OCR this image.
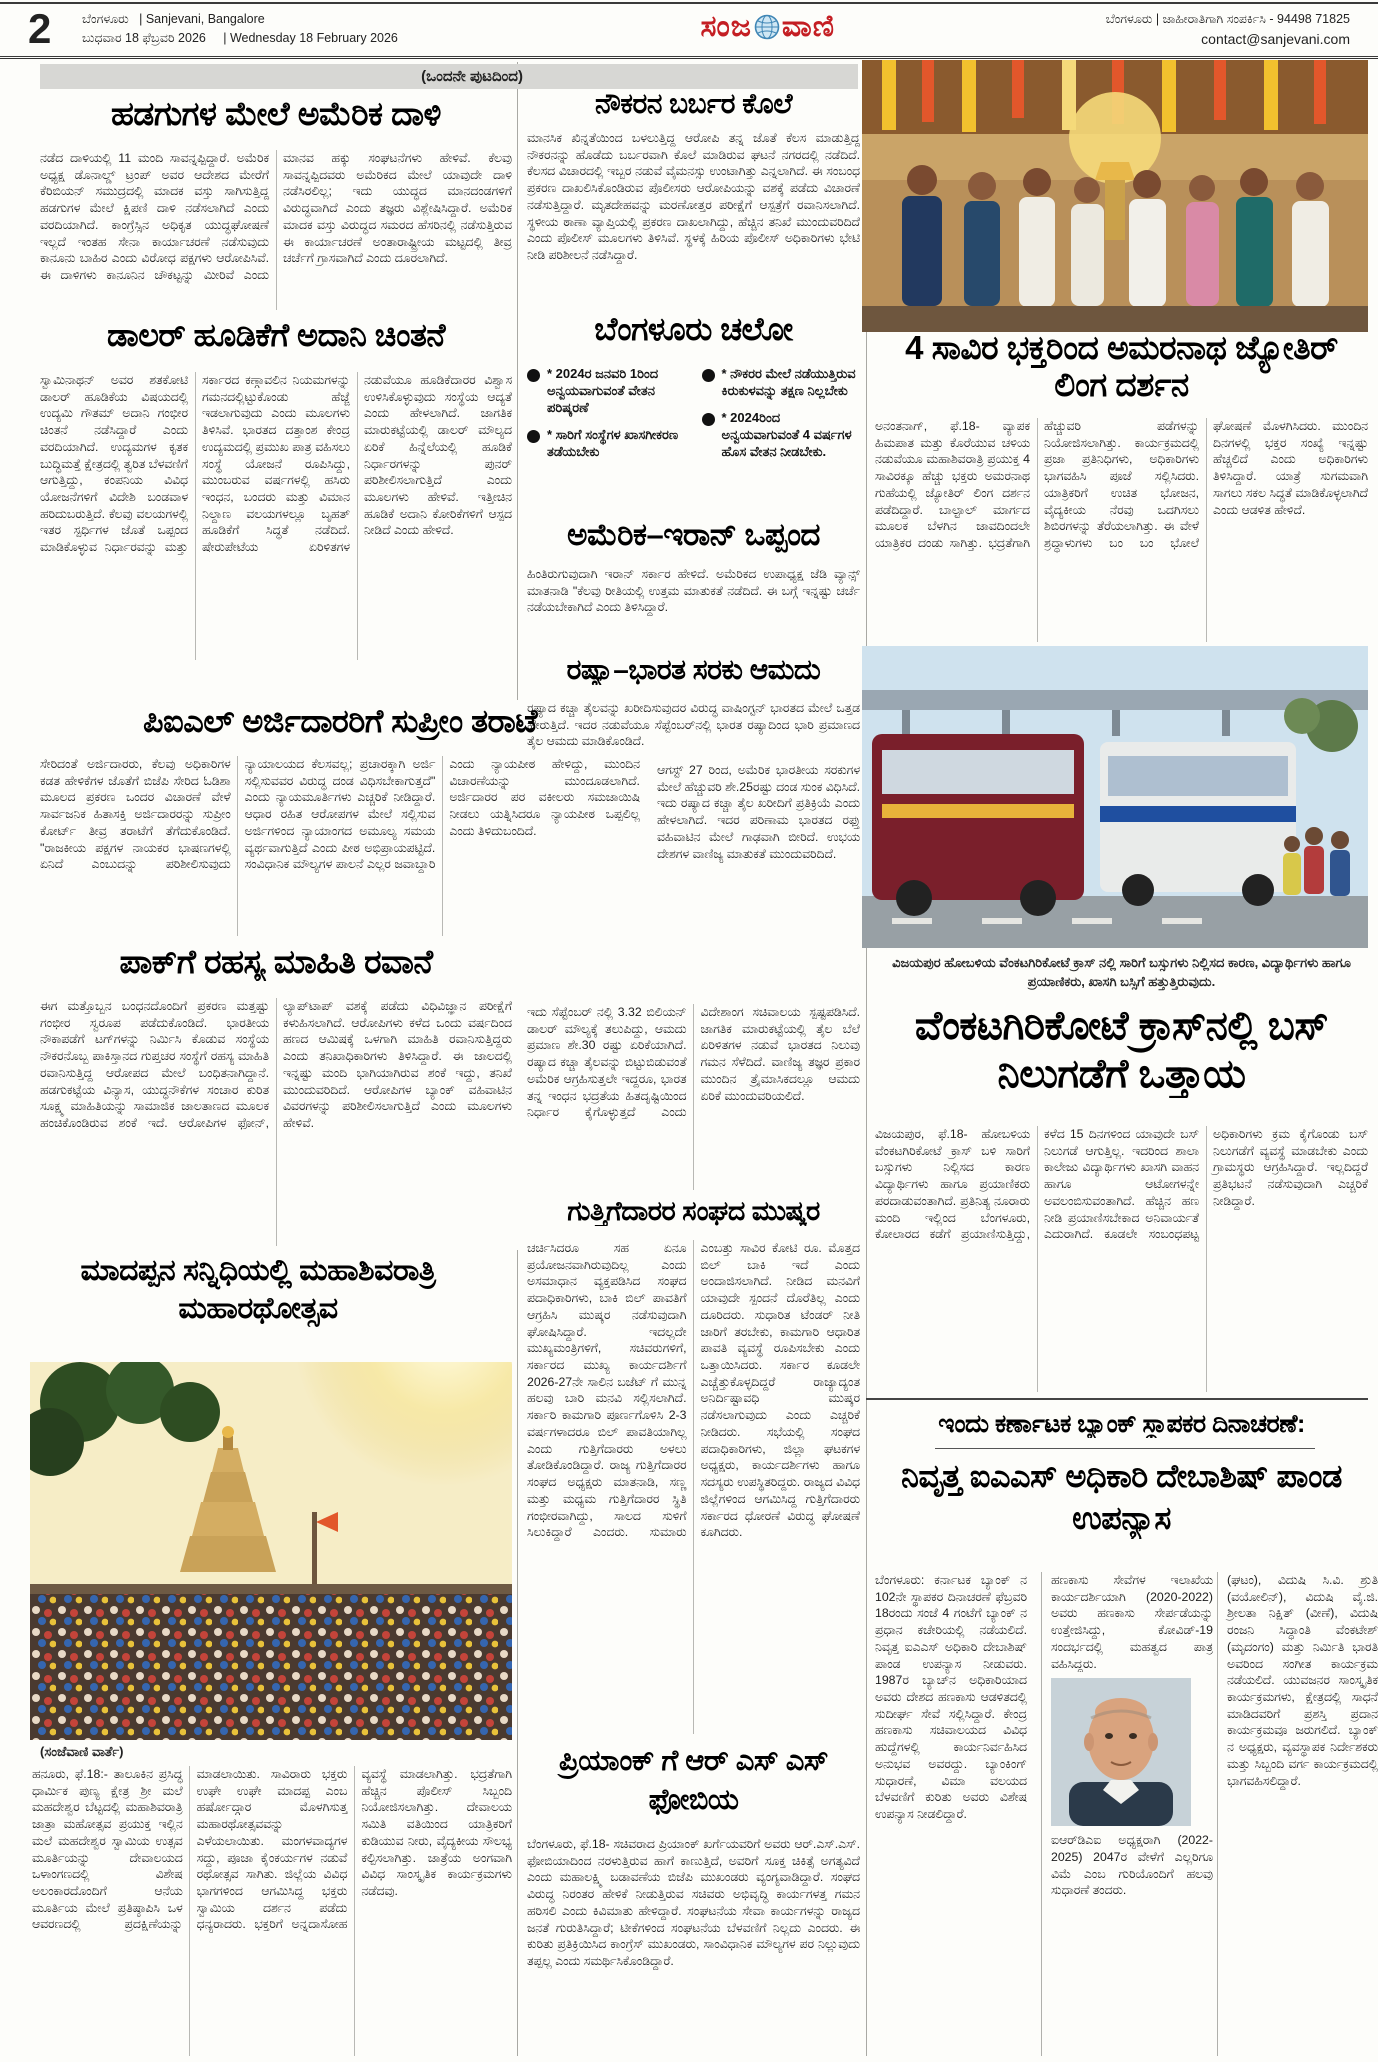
2 ಬೆಂಗಳೂರು | Sanjevani, Bangalore
ಬುಧವಾರ 18 ಫೆಬ್ರವರಿ 2026 | Wednesday 18 February 2026	ಸಂಜ ವಾಣಿ	ಬೆಂಗಳೂರು | ಜಾಹೀರಾತಿಗಾಗಿ ಸಂಪರ್ಕಿಸಿ - 94498 71825
contact@sanjevani.com
(ಒಂದನೇ ಪುಟದಿಂದ)
ಹಡಗುಗಳ ಮೇಲೆ ಅಮೆರಿಕ ದಾಳಿ
ನಡೆದ ದಾಳಿಯಲ್ಲಿ 11 ಮಂದಿ ಸಾವನ್ನಪ್ಪಿದ್ದಾರೆ. ಅಮೆರಿಕ ಅಧ್ಯಕ್ಷ ಡೊನಾಲ್ಡ್ ಟ್ರಂಪ್ ಅವರ ಆದೇಶದ ಮೇರೆಗೆ ಕೆರಿಬಿಯನ್ ಸಮುದ್ರದಲ್ಲಿ ಮಾದಕ ವಸ್ತು ಸಾಗಿಸುತ್ತಿದ್ದ ಹಡಗುಗಳ ಮೇಲೆ ಕ್ಷಿಪಣಿ ದಾಳಿ ನಡೆಸಲಾಗಿದೆ ಎಂದು ವರದಿಯಾಗಿದೆ. ಕಾಂಗ್ರೆಸ್ಸಿನ ಅಧಿಕೃತ ಯುದ್ಧಘೋಷಣೆ ಇಲ್ಲದೆ ಇಂತಹ ಸೇನಾ ಕಾರ್ಯಾಚರಣೆ ನಡೆಸುವುದು ಕಾನೂನು ಬಾಹಿರ ಎಂದು ವಿರೋಧ ಪಕ್ಷಗಳು ಆರೋಪಿಸಿವೆ. ಈ ದಾಳಿಗಳು ಕಾನೂನಿನ ಚೌಕಟ್ಟನ್ನು ಮೀರಿವೆ ಎಂದು ಮಾನವ ಹಕ್ಕು ಸಂಘಟನೆಗಳು ಹೇಳಿವೆ. ಕೆಲವು ಸಾವನ್ನಪ್ಪಿದವರು ಅಮೆರಿಕದ ಮೇಲೆ ಯಾವುದೇ ದಾಳಿ ನಡೆಸಿರಲಿಲ್ಲ; ಇದು ಯುದ್ಧದ ಮಾನದಂಡಗಳಿಗೆ ವಿರುದ್ಧವಾಗಿದೆ ಎಂದು ತಜ್ಞರು ವಿಶ್ಲೇಷಿಸಿದ್ದಾರೆ. ಅಮೆರಿಕ ಮಾದಕ ವಸ್ತು ವಿರುದ್ಧದ ಸಮರದ ಹೆಸರಿನಲ್ಲಿ ನಡೆಸುತ್ತಿರುವ ಈ ಕಾರ್ಯಾಚರಣೆ ಅಂತಾರಾಷ್ಟ್ರೀಯ ಮಟ್ಟದಲ್ಲಿ ತೀವ್ರ ಚರ್ಚೆಗೆ ಗ್ರಾಸವಾಗಿದೆ ಎಂದು ದೂರಲಾಗಿದೆ.
ನೌಕರನ ಬರ್ಬರ ಕೊಲೆ
ಮಾನಸಿಕ ಖಿನ್ನತೆಯಿಂದ ಬಳಲುತ್ತಿದ್ದ ಆರೋಪಿ ತನ್ನ ಜೊತೆ ಕೆಲಸ ಮಾಡುತ್ತಿದ್ದ ನೌಕರನನ್ನು ಹೊಡೆದು ಬರ್ಬರವಾಗಿ ಕೊಲೆ ಮಾಡಿರುವ ಘಟನೆ ನಗರದಲ್ಲಿ ನಡೆದಿದೆ. ಕೆಲಸದ ವಿಚಾರದಲ್ಲಿ ಇಬ್ಬರ ನಡುವೆ ವೈಮನಸ್ಸು ಉಂಟಾಗಿತ್ತು ಎನ್ನಲಾಗಿದೆ. ಈ ಸಂಬಂಧ ಪ್ರಕರಣ ದಾಖಲಿಸಿಕೊಂಡಿರುವ ಪೊಲೀಸರು ಆರೋಪಿಯನ್ನು ವಶಕ್ಕೆ ಪಡೆದು ವಿಚಾರಣೆ ನಡೆಸುತ್ತಿದ್ದಾರೆ. ಮೃತದೇಹವನ್ನು ಮರಣೋತ್ತರ ಪರೀಕ್ಷೆಗೆ ಆಸ್ಪತ್ರೆಗೆ ರವಾನಿಸಲಾಗಿದೆ. ಸ್ಥಳೀಯ ಠಾಣಾ ವ್ಯಾಪ್ತಿಯಲ್ಲಿ ಪ್ರಕರಣ ದಾಖಲಾಗಿದ್ದು, ಹೆಚ್ಚಿನ ತನಿಖೆ ಮುಂದುವರಿದಿದೆ ಎಂದು ಪೊಲೀಸ್ ಮೂಲಗಳು ತಿಳಿಸಿವೆ. ಸ್ಥಳಕ್ಕೆ ಹಿರಿಯ ಪೊಲೀಸ್ ಅಧಿಕಾರಿಗಳು ಭೇಟಿ ನೀಡಿ ಪರಿಶೀಲನೆ ನಡೆಸಿದ್ದಾರೆ.
ಡಾಲರ್ ಹೂಡಿಕೆಗೆ ಅದಾನಿ ಚಿಂತನೆ
ಸ್ವಾಮಿನಾಥನ್ ಅವರ ಶತಕೋಟಿ ಡಾಲರ್ ಹೂಡಿಕೆಯ ವಿಷಯದಲ್ಲಿ ಉದ್ಯಮಿ ಗೌತಮ್ ಅದಾನಿ ಗಂಭೀರ ಚಿಂತನೆ ನಡೆಸಿದ್ದಾರೆ ಎಂದು ವರದಿಯಾಗಿದೆ. ಉದ್ಯಮಗಳ ಕೃತಕ ಬುದ್ಧಿಮತ್ತೆ ಕ್ಷೇತ್ರದಲ್ಲಿ ತ್ವರಿತ ಬೆಳವಣಿಗೆ ಆಗುತ್ತಿದ್ದು, ಕಂಪನಿಯ ವಿವಿಧ ಯೋಜನೆಗಳಿಗೆ ವಿದೇಶಿ ಬಂಡವಾಳ ಹರಿದುಬರುತ್ತಿದೆ. ಕೆಲವು ವಲಯಗಳಲ್ಲಿ ಇತರ ಸ್ಪರ್ಧಿಗಳ ಜೊತೆ ಒಪ್ಪಂದ ಮಾಡಿಕೊಳ್ಳುವ ನಿರ್ಧಾರವನ್ನು ಮತ್ತು ಸರ್ಕಾರದ ಕಣ್ಗಾವಲಿನ ನಿಯಮಗಳನ್ನು ಗಮನದಲ್ಲಿಟ್ಟುಕೊಂಡು ಹೆಜ್ಜೆ ಇಡಲಾಗುವುದು ಎಂದು ಮೂಲಗಳು ತಿಳಿಸಿವೆ. ಭಾರತದ ದತ್ತಾಂಶ ಕೇಂದ್ರ ಉದ್ಯಮದಲ್ಲಿ ಪ್ರಮುಖ ಪಾತ್ರ ವಹಿಸಲು ಸಂಸ್ಥೆ ಯೋಜನೆ ರೂಪಿಸಿದ್ದು, ಮುಂಬರುವ ವರ್ಷಗಳಲ್ಲಿ ಹಸಿರು ಇಂಧನ, ಬಂದರು ಮತ್ತು ವಿಮಾನ ನಿಲ್ದಾಣ ವಲಯಗಳಲ್ಲೂ ಬೃಹತ್ ಹೂಡಿಕೆಗೆ ಸಿದ್ಧತೆ ನಡೆದಿದೆ. ಷೇರುಪೇಟೆಯ ಏರಿಳಿತಗಳ ನಡುವೆಯೂ ಹೂಡಿಕೆದಾರರ ವಿಶ್ವಾಸ ಉಳಿಸಿಕೊಳ್ಳುವುದು ಸಂಸ್ಥೆಯ ಆದ್ಯತೆ ಎಂದು ಹೇಳಲಾಗಿದೆ. ಜಾಗತಿಕ ಮಾರುಕಟ್ಟೆಯಲ್ಲಿ ಡಾಲರ್ ಮೌಲ್ಯದ ಏರಿಕೆ ಹಿನ್ನೆಲೆಯಲ್ಲಿ ಹೂಡಿಕೆ ನಿರ್ಧಾರಗಳನ್ನು ಪುನರ್ ಪರಿಶೀಲಿಸಲಾಗುತ್ತಿದೆ ಎಂದು ಮೂಲಗಳು ಹೇಳಿವೆ. ಇತ್ತೀಚಿನ ಹೂಡಿಕೆ ಅದಾನಿ ಕೋರಿಕೆಗಳಿಗೆ ಆಸ್ಪದ ನೀಡಿದೆ ಎಂದು ಹೇಳಿದೆ.
ಬೆಂಗಳೂರು ಚಲೋ
* 2024ರ ಜನವರಿ 1ರಿಂದ ಅನ್ವಯವಾಗುವಂತೆ ವೇತನ ಪರಿಷ್ಕರಣೆ
* ಸಾರಿಗೆ ಸಂಸ್ಥೆಗಳ ಖಾಸಗೀಕರಣ ತಡೆಯಬೇಕು
* ನೌಕರರ ಮೇಲೆ ನಡೆಯುತ್ತಿರುವ ಕಿರುಕುಳವನ್ನು ತಕ್ಷಣ ನಿಲ್ಲಬೇಕು
* 2024ರಿಂದ ಅನ್ವಯವಾಗುವಂತೆ 4 ವರ್ಷಗಳ ಹೊಸ ವೇತನ ನೀಡಬೇಕು.
ಅಮೆರಿಕ–ಇರಾನ್ ಒಪ್ಪಂದ
ಹಿಂತಿರುಗುವುದಾಗಿ ಇರಾನ್ ಸರ್ಕಾರ ಹೇಳಿದೆ. ಅಮೆರಿಕದ ಉಪಾಧ್ಯಕ್ಷ ಜೆಡಿ ವ್ಯಾನ್ಸ್ ಮಾತನಾಡಿ "ಕೆಲವು ರೀತಿಯಲ್ಲಿ ಉತ್ತಮ ಮಾತುಕತೆ ನಡೆದಿದೆ. ಈ ಬಗ್ಗೆ ಇನ್ನಷ್ಟು ಚರ್ಚೆ ನಡೆಯಬೇಕಾಗಿದೆ ಎಂದು ತಿಳಿಸಿದ್ದಾರೆ.
ರಷ್ಯಾ–ಭಾರತ ಸರಕು ಆಮದು
ರಷ್ಯಾದ ಕಚ್ಚಾ ತೈಲವನ್ನು ಖರೀದಿಸುವುದರ ವಿರುದ್ಧ ವಾಷಿಂಗ್ಟನ್ ಭಾರತದ ಮೇಲೆ ಒತ್ತಡ ಹೇರುತ್ತಿದೆ. ಇದರ ನಡುವೆಯೂ ಸೆಪ್ಟೆಂಬರ್‌ನಲ್ಲಿ ಭಾರತ ರಷ್ಯಾದಿಂದ ಭಾರಿ ಪ್ರಮಾಣದ ತೈಲ ಆಮದು ಮಾಡಿಕೊಂಡಿದೆ.
ಆಗಸ್ಟ್ 27 ರಿಂದ, ಅಮೆರಿಕ ಭಾರತೀಯ ಸರಕುಗಳ ಮೇಲೆ ಹೆಚ್ಚುವರಿ ಶೇ.25ರಷ್ಟು ದಂಡ ಸುಂಕ ವಿಧಿಸಿದೆ. ಇದು ರಷ್ಯಾದ ಕಚ್ಚಾ ತೈಲ ಖರೀದಿಗೆ ಪ್ರತಿಕ್ರಿಯೆ ಎಂದು ಹೇಳಲಾಗಿದೆ. ಇದರ ಪರಿಣಾಮ ಭಾರತದ ರಫ್ತು ವಹಿವಾಟಿನ ಮೇಲೆ ಗಾಢವಾಗಿ ಬೀರಿದೆ. ಉಭಯ ದೇಶಗಳ ವಾಣಿಜ್ಯ ಮಾತುಕತೆ ಮುಂದುವರಿದಿದೆ.
ಇದು ಸೆಪ್ಟೆಂಬರ್ ನಲ್ಲಿ 3.32 ಬಿಲಿಯನ್ ಡಾಲರ್ ಮೌಲ್ಯಕ್ಕೆ ತಲುಪಿದ್ದು, ಆಮದು ಪ್ರಮಾಣ ಶೇ.30 ರಷ್ಟು ಏರಿಕೆಯಾಗಿದೆ. ರಷ್ಯಾದ ಕಚ್ಚಾ ತೈಲವನ್ನು ಬಿಟ್ಟುಬಿಡುವಂತೆ ಅಮೆರಿಕ ಆಗ್ರಹಿಸುತ್ತಲೇ ಇದ್ದರೂ, ಭಾರತ ತನ್ನ ಇಂಧನ ಭದ್ರತೆಯ ಹಿತದೃಷ್ಟಿಯಿಂದ ನಿರ್ಧಾರ ಕೈಗೊಳ್ಳುತ್ತದೆ ಎಂದು ವಿದೇಶಾಂಗ ಸಚಿವಾಲಯ ಸ್ಪಷ್ಟಪಡಿಸಿದೆ. ಜಾಗತಿಕ ಮಾರುಕಟ್ಟೆಯಲ್ಲಿ ತೈಲ ಬೆಲೆ ಏರಿಳಿತಗಳ ನಡುವೆ ಭಾರತದ ನಿಲುವು ಗಮನ ಸೆಳೆದಿದೆ. ವಾಣಿಜ್ಯ ತಜ್ಞರ ಪ್ರಕಾರ ಮುಂದಿನ ತ್ರೈಮಾಸಿಕದಲ್ಲೂ ಆಮದು ಏರಿಕೆ ಮುಂದುವರಿಯಲಿದೆ.
ಪಿಐಎಲ್ ಅರ್ಜಿದಾರರಿಗೆ ಸುಪ್ರೀಂ ತರಾಟೆ
ಸೇರಿದಂತೆ ಅರ್ಜಿದಾರರು, ಕೆಲವು ಅಧಿಕಾರಿಗಳ ಕಡತ ಹೇಳಿಕೆಗಳ ಜೊತೆಗೆ ಬಿಜೆಪಿ ಸೇರಿದ ಓಡಿಶಾ ಮೂಲದ ಪ್ರಕರಣ ಒಂದರ ವಿಚಾರಣೆ ವೇಳೆ ಸಾರ್ವಜನಿಕ ಹಿತಾಸಕ್ತಿ ಅರ್ಜಿದಾರರನ್ನು ಸುಪ್ರೀಂ ಕೋರ್ಟ್ ತೀವ್ರ ತರಾಟೆಗೆ ತೆಗೆದುಕೊಂಡಿದೆ. "ರಾಜಕೀಯ ಪಕ್ಷಗಳ ನಾಯಕರ ಭಾಷಣಗಳಲ್ಲಿ ಏನಿದೆ ಎಂಬುದನ್ನು ಪರಿಶೀಲಿಸುವುದು ನ್ಯಾಯಾಲಯದ ಕೆಲಸವಲ್ಲ; ಪ್ರಚಾರಕ್ಕಾಗಿ ಅರ್ಜಿ ಸಲ್ಲಿಸುವವರ ವಿರುದ್ಧ ದಂಡ ವಿಧಿಸಬೇಕಾಗುತ್ತದೆ" ಎಂದು ನ್ಯಾಯಮೂರ್ತಿಗಳು ಎಚ್ಚರಿಕೆ ನೀಡಿದ್ದಾರೆ. ಆಧಾರ ರಹಿತ ಆರೋಪಗಳ ಮೇಲೆ ಸಲ್ಲಿಸುವ ಅರ್ಜಿಗಳಿಂದ ನ್ಯಾಯಾಂಗದ ಅಮೂಲ್ಯ ಸಮಯ ವ್ಯರ್ಥವಾಗುತ್ತಿದೆ ಎಂದು ಪೀಠ ಅಭಿಪ್ರಾಯಪಟ್ಟಿದೆ. ಸಂವಿಧಾನಿಕ ಮೌಲ್ಯಗಳ ಪಾಲನೆ ಎಲ್ಲರ ಜವಾಬ್ದಾರಿ ಎಂದು ನ್ಯಾಯಪೀಠ ಹೇಳಿದ್ದು, ಮುಂದಿನ ವಿಚಾರಣೆಯನ್ನು ಮುಂದೂಡಲಾಗಿದೆ. ಅರ್ಜಿದಾರರ ಪರ ವಕೀಲರು ಸಮಜಾಯಿಷಿ ನೀಡಲು ಯತ್ನಿಸಿದರೂ ನ್ಯಾಯಪೀಠ ಒಪ್ಪಲಿಲ್ಲ ಎಂದು ತಿಳಿದುಬಂದಿದೆ.
ಪಾಕ್‌ಗೆ ರಹಸ್ಯ ಮಾಹಿತಿ ರವಾನೆ
ಈಗ ಮತ್ತೊಬ್ಬನ ಬಂಧನದೊಂದಿಗೆ ಪ್ರಕರಣ ಮತ್ತಷ್ಟು ಗಂಭೀರ ಸ್ವರೂಪ ಪಡೆದುಕೊಂಡಿದೆ. ಭಾರತೀಯ ನೌಕಾಪಡೆಗೆ ಟಗ್‌ಗಳನ್ನು ನಿರ್ಮಿಸಿ ಕೊಡುವ ಸಂಸ್ಥೆಯ ನೌಕರನೊಬ್ಬ ಪಾಕಿಸ್ತಾನದ ಗುಪ್ತಚರ ಸಂಸ್ಥೆಗೆ ರಹಸ್ಯ ಮಾಹಿತಿ ರವಾನಿಸುತ್ತಿದ್ದ ಆರೋಪದ ಮೇಲೆ ಬಂಧಿತನಾಗಿದ್ದಾನೆ. ಹಡಗುಕಟ್ಟೆಯ ವಿನ್ಯಾಸ, ಯುದ್ಧನೌಕೆಗಳ ಸಂಚಾರ ಕುರಿತ ಸೂಕ್ಷ್ಮ ಮಾಹಿತಿಯನ್ನು ಸಾಮಾಜಿಕ ಜಾಲತಾಣದ ಮೂಲಕ ಹಂಚಿಕೊಂಡಿರುವ ಶಂಕೆ ಇದೆ. ಆರೋಪಿಗಳ ಫೋನ್, ಲ್ಯಾಪ್‌ಟಾಪ್ ವಶಕ್ಕೆ ಪಡೆದು ವಿಧಿವಿಜ್ಞಾನ ಪರೀಕ್ಷೆಗೆ ಕಳುಹಿಸಲಾಗಿದೆ. ಆರೋಪಿಗಳು ಕಳೆದ ಒಂದು ವರ್ಷದಿಂದ ಹಣದ ಆಮಿಷಕ್ಕೆ ಒಳಗಾಗಿ ಮಾಹಿತಿ ರವಾನಿಸುತ್ತಿದ್ದರು ಎಂದು ತನಿಖಾಧಿಕಾರಿಗಳು ತಿಳಿಸಿದ್ದಾರೆ. ಈ ಜಾಲದಲ್ಲಿ ಇನ್ನಷ್ಟು ಮಂದಿ ಭಾಗಿಯಾಗಿರುವ ಶಂಕೆ ಇದ್ದು, ತನಿಖೆ ಮುಂದುವರಿದಿದೆ. ಆರೋಪಿಗಳ ಬ್ಯಾಂಕ್ ವಹಿವಾಟಿನ ವಿವರಗಳನ್ನು ಪರಿಶೀಲಿಸಲಾಗುತ್ತಿದೆ ಎಂದು ಮೂಲಗಳು ಹೇಳಿವೆ.
4 ಸಾವಿರ ಭಕ್ತರಿಂದ ಅಮರನಾಥ ಜ್ಯೋತಿರ್ ಲಿಂಗ ದರ್ಶನ
ಅನಂತನಾಗ್, ಫೆ.18- ವ್ಯಾಪಕ ಹಿಮಪಾತ ಮತ್ತು ಕೊರೆಯುವ ಚಳಿಯ ನಡುವೆಯೂ ಮಹಾಶಿವರಾತ್ರಿ ಪ್ರಯುಕ್ತ 4 ಸಾವಿರಕ್ಕೂ ಹೆಚ್ಚು ಭಕ್ತರು ಅಮರನಾಥ ಗುಹೆಯಲ್ಲಿ ಜ್ಯೋತಿರ್ ಲಿಂಗ ದರ್ಶನ ಪಡೆದಿದ್ದಾರೆ. ಬಾಲ್ಟಾಲ್ ಮಾರ್ಗದ ಮೂಲಕ ಬೆಳಗಿನ ಜಾವದಿಂದಲೇ ಯಾತ್ರಿಕರ ದಂಡು ಸಾಗಿತ್ತು. ಭದ್ರತೆಗಾಗಿ ಹೆಚ್ಚುವರಿ ಪಡೆಗಳನ್ನು ನಿಯೋಜಿಸಲಾಗಿತ್ತು. ಕಾರ್ಯಕ್ರಮದಲ್ಲಿ ಪ್ರಜಾ ಪ್ರತಿನಿಧಿಗಳು, ಅಧಿಕಾರಿಗಳು ಭಾಗವಹಿಸಿ ಪೂಜೆ ಸಲ್ಲಿಸಿದರು. ಯಾತ್ರಿಕರಿಗೆ ಉಚಿತ ಭೋಜನ, ವೈದ್ಯಕೀಯ ನೆರವು ಒದಗಿಸಲು ಶಿಬಿರಗಳನ್ನು ತೆರೆಯಲಾಗಿತ್ತು. ಈ ವೇಳೆ ಶ್ರದ್ಧಾಳುಗಳು ಬಂ ಬಂ ಭೋಲೆ ಘೋಷಣೆ ಮೊಳಗಿಸಿದರು. ಮುಂದಿನ ದಿನಗಳಲ್ಲಿ ಭಕ್ತರ ಸಂಖ್ಯೆ ಇನ್ನಷ್ಟು ಹೆಚ್ಚಲಿದೆ ಎಂದು ಅಧಿಕಾರಿಗಳು ತಿಳಿಸಿದ್ದಾರೆ. ಯಾತ್ರೆ ಸುಗಮವಾಗಿ ಸಾಗಲು ಸಕಲ ಸಿದ್ಧತೆ ಮಾಡಿಕೊಳ್ಳಲಾಗಿದೆ ಎಂದು ಆಡಳಿತ ಹೇಳಿದೆ.
ವಿಜಯಪುರ ಹೋಬಳಿಯ ವೆಂಕಟಗಿರಿಕೋಟೆ ಕ್ರಾಸ್ ನಲ್ಲಿ ಸಾರಿಗೆ ಬಸ್ಸುಗಳು ನಿಲ್ಲಿಸದ ಕಾರಣ, ವಿದ್ಯಾರ್ಥಿಗಳು ಹಾಗೂ ಪ್ರಯಾಣಿಕರು, ಖಾಸಗಿ ಬಸ್ಸಿಗೆ ಹತ್ತುತ್ತಿರುವುದು.
ವೆಂಕಟಗಿರಿಕೋಟೆ ಕ್ರಾಸ್‌ನಲ್ಲಿ ಬಸ್ ನಿಲುಗಡೆಗೆ ಒತ್ತಾಯ
ವಿಜಯಪುರ, ಫೆ.18- ಹೋಬಳಿಯ ವೆಂಕಟಗಿರಿಕೋಟೆ ಕ್ರಾಸ್ ಬಳಿ ಸಾರಿಗೆ ಬಸ್ಸುಗಳು ನಿಲ್ಲಿಸದ ಕಾರಣ ವಿದ್ಯಾರ್ಥಿಗಳು ಹಾಗೂ ಪ್ರಯಾಣಿಕರು ಪರದಾಡುವಂತಾಗಿದೆ. ಪ್ರತಿನಿತ್ಯ ನೂರಾರು ಮಂದಿ ಇಲ್ಲಿಂದ ಬೆಂಗಳೂರು, ಕೋಲಾರದ ಕಡೆಗೆ ಪ್ರಯಾಣಿಸುತ್ತಿದ್ದು, ಕಳೆದ 15 ದಿನಗಳಿಂದ ಯಾವುದೇ ಬಸ್ ನಿಲುಗಡೆ ಆಗುತ್ತಿಲ್ಲ. ಇದರಿಂದ ಶಾಲಾ ಕಾಲೇಜು ವಿದ್ಯಾರ್ಥಿಗಳು ಖಾಸಗಿ ವಾಹನ ಹಾಗೂ ಆಟೋಗಳನ್ನೇ ಅವಲಂಬಿಸುವಂತಾಗಿದೆ. ಹೆಚ್ಚಿನ ಹಣ ನೀಡಿ ಪ್ರಯಾಣಿಸಬೇಕಾದ ಅನಿವಾರ್ಯತೆ ಎದುರಾಗಿದೆ. ಕೂಡಲೇ ಸಂಬಂಧಪಟ್ಟ ಅಧಿಕಾರಿಗಳು ಕ್ರಮ ಕೈಗೊಂಡು ಬಸ್ ನಿಲುಗಡೆಗೆ ವ್ಯವಸ್ಥೆ ಮಾಡಬೇಕು ಎಂದು ಗ್ರಾಮಸ್ಥರು ಆಗ್ರಹಿಸಿದ್ದಾರೆ. ಇಲ್ಲದಿದ್ದರೆ ಪ್ರತಿಭಟನೆ ನಡೆಸುವುದಾಗಿ ಎಚ್ಚರಿಕೆ ನೀಡಿದ್ದಾರೆ.
ಗುತ್ತಿಗೆದಾರರ ಸಂಘದ ಮುಷ್ಕರ
ಚರ್ಚಿಸಿದರೂ ಸಹ ಏನೂ ಪ್ರಯೋಜನವಾಗಿರುವುದಿಲ್ಲ ಎಂದು ಅಸಮಾಧಾನ ವ್ಯಕ್ತಪಡಿಸಿದ ಸಂಘದ ಪದಾಧಿಕಾರಿಗಳು, ಬಾಕಿ ಬಿಲ್ ಪಾವತಿಗೆ ಆಗ್ರಹಿಸಿ ಮುಷ್ಕರ ನಡೆಸುವುದಾಗಿ ಘೋಷಿಸಿದ್ದಾರೆ. ಇದಲ್ಲದೇ ಮುಖ್ಯಮಂತ್ರಿಗಳಿಗೆ, ಸಚಿವರುಗಳಿಗೆ, ಸರ್ಕಾರದ ಮುಖ್ಯ ಕಾರ್ಯದರ್ಶಿಗೆ 2026-27ನೇ ಸಾಲಿನ ಬಜೆಟ್ ಗೆ ಮುನ್ನ ಹಲವು ಬಾರಿ ಮನವಿ ಸಲ್ಲಿಸಲಾಗಿದೆ. ಸರ್ಕಾರಿ ಕಾಮಗಾರಿ ಪೂರ್ಣಗೊಳಿಸಿ 2-3 ವರ್ಷಗಳಾದರೂ ಬಿಲ್ ಪಾವತಿಯಾಗಿಲ್ಲ ಎಂದು ಗುತ್ತಿಗೆದಾರರು ಅಳಲು ತೋಡಿಕೊಂಡಿದ್ದಾರೆ. ರಾಜ್ಯ ಗುತ್ತಿಗೆದಾರರ ಸಂಘದ ಅಧ್ಯಕ್ಷರು ಮಾತನಾಡಿ, ಸಣ್ಣ ಮತ್ತು ಮಧ್ಯಮ ಗುತ್ತಿಗೆದಾರರ ಸ್ಥಿತಿ ಗಂಭೀರವಾಗಿದ್ದು, ಸಾಲದ ಸುಳಿಗೆ ಸಿಲುಕಿದ್ದಾರೆ ಎಂದರು. ಸುಮಾರು ಎಂಬತ್ತು ಸಾವಿರ ಕೋಟಿ ರೂ. ಮೊತ್ತದ ಬಿಲ್ ಬಾಕಿ ಇದೆ ಎಂದು ಅಂದಾಜಿಸಲಾಗಿದೆ. ನೀಡಿದ ಮನವಿಗೆ ಯಾವುದೇ ಸ್ಪಂದನೆ ದೊರೆತಿಲ್ಲ ಎಂದು ದೂರಿದರು. ಸುಧಾರಿತ ಟೆಂಡರ್ ನೀತಿ ಜಾರಿಗೆ ತರಬೇಕು, ಕಾಮಗಾರಿ ಆಧಾರಿತ ಪಾವತಿ ವ್ಯವಸ್ಥೆ ರೂಪಿಸಬೇಕು ಎಂದು ಒತ್ತಾಯಿಸಿದರು. ಸರ್ಕಾರ ಕೂಡಲೇ ಎಚ್ಚೆತ್ತುಕೊಳ್ಳದಿದ್ದರೆ ರಾಜ್ಯಾದ್ಯಂತ ಅನಿರ್ದಿಷ್ಟಾವಧಿ ಮುಷ್ಕರ ನಡೆಸಲಾಗುವುದು ಎಂದು ಎಚ್ಚರಿಕೆ ನೀಡಿದರು. ಸಭೆಯಲ್ಲಿ ಸಂಘದ ಪದಾಧಿಕಾರಿಗಳು, ಜಿಲ್ಲಾ ಘಟಕಗಳ ಅಧ್ಯಕ್ಷರು, ಕಾರ್ಯದರ್ಶಿಗಳು ಹಾಗೂ ಸದಸ್ಯರು ಉಪಸ್ಥಿತರಿದ್ದರು. ರಾಜ್ಯದ ವಿವಿಧ ಜಿಲ್ಲೆಗಳಿಂದ ಆಗಮಿಸಿದ್ದ ಗುತ್ತಿಗೆದಾರರು ಸರ್ಕಾರದ ಧೋರಣೆ ವಿರುದ್ಧ ಘೋಷಣೆ ಕೂಗಿದರು.
ಮಾದಪ್ಪನ ಸನ್ನಿಧಿಯಲ್ಲಿ ಮಹಾಶಿವರಾತ್ರಿ ಮಹಾರಥೋತ್ಸವ
(ಸಂಜೆವಾಣಿ ವಾರ್ತೆ)
ಹನೂರು, ಫೆ.18:- ತಾಲೂಕಿನ ಪ್ರಸಿದ್ಧ ಧಾರ್ಮಿಕ ಪುಣ್ಯ ಕ್ಷೇತ್ರ ಶ್ರೀ ಮಲೆ ಮಹದೇಶ್ವರ ಬೆಟ್ಟದಲ್ಲಿ ಮಹಾಶಿವರಾತ್ರಿ ಜಾತ್ರಾ ಮಹೋತ್ಸವ ಪ್ರಯುಕ್ತ ಇಲ್ಲಿನ ಮಲೆ ಮಹದೇಶ್ವರ ಸ್ವಾಮಿಯ ಉತ್ಸವ ಮೂರ್ತಿಯನ್ನು ದೇವಾಲಯದ ಒಳಾಂಗಣದಲ್ಲಿ ವಿಶೇಷ ಅಲಂಕಾರದೊಂದಿಗೆ ಆನೆಯ ಮೂರ್ತಿಯ ಮೇಲೆ ಪ್ರತಿಷ್ಠಾಪಿಸಿ ಒಳ ಆವರಣದಲ್ಲಿ ಪ್ರದಕ್ಷಿಣೆಯನ್ನು ಮಾಡಲಾಯಿತು. ಸಾವಿರಾರು ಭಕ್ತರು ಉಘೇ ಉಘೇ ಮಾದಪ್ಪ ಎಂಬ ಹರ್ಷೋದ್ಗಾರ ಮೊಳಗಿಸುತ್ತ ಮಹಾರಥೋತ್ಸವವನ್ನು ಎಳೆಯಲಾಯಿತು. ಮಂಗಳವಾದ್ಯಗಳ ಸದ್ದು, ಪೂಜಾ ಕೈಂಕರ್ಯಗಳ ನಡುವೆ ರಥೋತ್ಸವ ಸಾಗಿತು. ಜಿಲ್ಲೆಯ ವಿವಿಧ ಭಾಗಗಳಿಂದ ಆಗಮಿಸಿದ್ದ ಭಕ್ತರು ಸ್ವಾಮಿಯ ದರ್ಶನ ಪಡೆದು ಧನ್ಯರಾದರು. ಭಕ್ತರಿಗೆ ಅನ್ನದಾಸೋಹ ವ್ಯವಸ್ಥೆ ಮಾಡಲಾಗಿತ್ತು. ಭದ್ರತೆಗಾಗಿ ಹೆಚ್ಚಿನ ಪೊಲೀಸ್ ಸಿಬ್ಬಂದಿ ನಿಯೋಜಿಸಲಾಗಿತ್ತು. ದೇವಾಲಯ ಸಮಿತಿ ವತಿಯಿಂದ ಯಾತ್ರಿಕರಿಗೆ ಕುಡಿಯುವ ನೀರು, ವೈದ್ಯಕೀಯ ಸೌಲಭ್ಯ ಕಲ್ಪಿಸಲಾಗಿತ್ತು. ಜಾತ್ರೆಯ ಅಂಗವಾಗಿ ವಿವಿಧ ಸಾಂಸ್ಕೃತಿಕ ಕಾರ್ಯಕ್ರಮಗಳು ನಡೆದವು.
ಇಂದು ಕರ್ಣಾಟಕ ಬ್ಯಾಂಕ್ ಸ್ಥಾಪಕರ ದಿನಾಚರಣೆ:
ನಿವೃತ್ತ ಐಎಎಸ್ ಅಧಿಕಾರಿ ದೇಬಾಶಿಷ್ ಪಾಂಡ ಉಪನ್ಯಾಸ
ಬೆಂಗಳೂರು: ಕರ್ನಾಟಕ ಬ್ಯಾಂಕ್ ನ 102ನೇ ಸ್ಥಾಪಕರ ದಿನಾಚರಣೆ ಫೆಬ್ರವರಿ 18ರಂದು ಸಂಜೆ 4 ಗಂಟೆಗೆ ಬ್ಯಾಂಕ್ ನ ಪ್ರಧಾನ ಕಚೇರಿಯಲ್ಲಿ ನಡೆಯಲಿದೆ. ನಿವೃತ್ತ ಐಎಎಸ್ ಅಧಿಕಾರಿ ದೇಬಾಶಿಷ್ ಪಾಂಡ ಉಪನ್ಯಾಸ ನೀಡುವರು. 1987ರ ಬ್ಯಾಚ್‌ನ ಅಧಿಕಾರಿಯಾದ ಅವರು ದೇಶದ ಹಣಕಾಸು ಆಡಳಿತದಲ್ಲಿ ಸುದೀರ್ಘ ಸೇವೆ ಸಲ್ಲಿಸಿದ್ದಾರೆ. ಕೇಂದ್ರ ಹಣಕಾಸು ಸಚಿವಾಲಯದ ವಿವಿಧ ಹುದ್ದೆಗಳಲ್ಲಿ ಕಾರ್ಯನಿರ್ವಹಿಸಿದ ಅನುಭವ ಅವರದ್ದು. ಬ್ಯಾಂಕಿಂಗ್ ಸುಧಾರಣೆ, ವಿಮಾ ವಲಯದ ಬೆಳವಣಿಗೆ ಕುರಿತು ಅವರು ವಿಶೇಷ ಉಪನ್ಯಾಸ ನೀಡಲಿದ್ದಾರೆ.
ಹಣಕಾಸು ಸೇವೆಗಳ ಇಲಾಖೆಯ ಕಾರ್ಯದರ್ಶಿಯಾಗಿ (2020-2022) ಅವರು ಹಣಕಾಸು ಸೇರ್ಪಡೆಯನ್ನು ಉತ್ತೇಜಿಸಿದ್ದು, ಕೋವಿಡ್-19 ಸಂದರ್ಭದಲ್ಲಿ ಮಹತ್ವದ ಪಾತ್ರ ವಹಿಸಿದ್ದರು.
ಐಆರ್‌ಡಿಎಐ ಅಧ್ಯಕ್ಷರಾಗಿ (2022-2025) 2047ರ ವೇಳೆಗೆ ಎಲ್ಲರಿಗೂ ವಿಮೆ ಎಂಬ ಗುರಿಯೊಂದಿಗೆ ಹಲವು ಸುಧಾರಣೆ ತಂದರು.
(ಘಟಂ), ವಿದುಷಿ ಸಿ.ವಿ. ಶ್ರುತಿ (ವಯೋಲಿನ್), ವಿದುಷಿ ವೈ.ಜಿ. ಶ್ರೀಲತಾ ನಿಕ್ಷಿತ್ (ವೀಣೆ), ವಿದುಷಿ ರಂಜನಿ ಸಿದ್ಧಾಂತಿ ವೆಂಕಟೇಶ್ (ಮೃದಂಗಂ) ಮತ್ತು ನಿರ್ಮಿತಿ ಭಾರತಿ ಅವರಿಂದ ಸಂಗೀತ ಕಾರ್ಯಕ್ರಮ ನಡೆಯಲಿದೆ. ಯುವಜನರ ಸಾಂಸ್ಕೃತಿಕ ಕಾರ್ಯಕ್ರಮಗಳು, ಕ್ಷೇತ್ರದಲ್ಲಿ ಸಾಧನೆ ಮಾಡಿದವರಿಗೆ ಪ್ರಶಸ್ತಿ ಪ್ರದಾನ ಕಾರ್ಯಕ್ರಮವೂ ಜರುಗಲಿದೆ. ಬ್ಯಾಂಕ್ ನ ಅಧ್ಯಕ್ಷರು, ವ್ಯವಸ್ಥಾಪಕ ನಿರ್ದೇಶಕರು ಮತ್ತು ಸಿಬ್ಬಂದಿ ವರ್ಗ ಕಾರ್ಯಕ್ರಮದಲ್ಲಿ ಭಾಗವಹಿಸಲಿದ್ದಾರೆ.
ಪ್ರಿಯಾಂಕ್ ಗೆ ಆರ್ ಎಸ್ ಎಸ್ ಫೋಬಿಯ
ಬೆಂಗಳೂರು, ಫೆ.18- ಸಚಿವರಾದ ಪ್ರಿಯಾಂಕ್ ಖರ್ಗೆಯವರಿಗೆ ಅವರು ಆರ್.ಎಸ್.ಎಸ್. ಫೋಬಿಯಾದಿಂದ ನರಳುತ್ತಿರುವ ಹಾಗೆ ಕಾಣುತ್ತಿದೆ, ಅವರಿಗೆ ಸೂಕ್ತ ಚಿಕಿತ್ಸೆ ಅಗತ್ಯವಿದೆ ಎಂದು ಮಹಾಲಕ್ಷ್ಮಿ ಬಡಾವಣೆಯ ಬಿಜೆಪಿ ಮುಖಂಡರು ವ್ಯಂಗ್ಯವಾಡಿದ್ದಾರೆ. ಸಂಘದ ವಿರುದ್ಧ ನಿರಂತರ ಹೇಳಿಕೆ ನೀಡುತ್ತಿರುವ ಸಚಿವರು ಅಭಿವೃದ್ಧಿ ಕಾರ್ಯಗಳತ್ತ ಗಮನ ಹರಿಸಲಿ ಎಂದು ಕಿವಿಮಾತು ಹೇಳಿದ್ದಾರೆ. ಸಂಘಟನೆಯ ಸೇವಾ ಕಾರ್ಯಗಳನ್ನು ರಾಜ್ಯದ ಜನತೆ ಗುರುತಿಸಿದ್ದಾರೆ; ಟೀಕೆಗಳಿಂದ ಸಂಘಟನೆಯ ಬೆಳವಣಿಗೆ ನಿಲ್ಲದು ಎಂದರು. ಈ ಕುರಿತು ಪ್ರತಿಕ್ರಿಯಿಸಿದ ಕಾಂಗ್ರೆಸ್ ಮುಖಂಡರು, ಸಾಂವಿಧಾನಿಕ ಮೌಲ್ಯಗಳ ಪರ ನಿಲ್ಲುವುದು ತಪ್ಪಲ್ಲ ಎಂದು ಸಮರ್ಥಿಸಿಕೊಂಡಿದ್ದಾರೆ.
